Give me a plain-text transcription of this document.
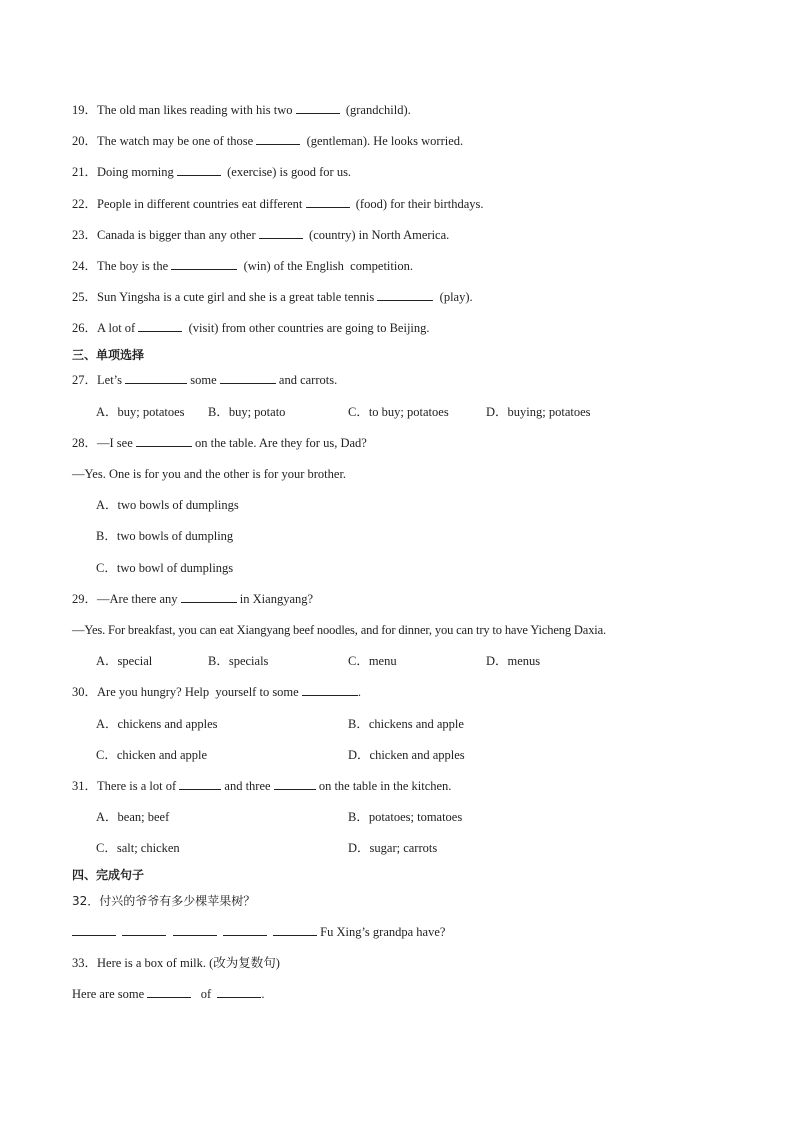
19．The old man likes reading with his two	(grandchild).
20．The watch may be one of those	(gentleman). He looks worried.
21．Doing morning	(exercise) is good for us.
22．People in different countries eat different	(food) for their birthdays.
23．Canada is bigger than any other	(country) in North America.
24．The boy is the	(win) of the English  competition.
25．Sun Yingsha is a cute girl and she is a great table tennis	(play).
26．A lot of	(visit) from other countries are going to Beijing.
三、单项选择
27．Let’s	some	and carrots.
A．buy; potatoes B．buy; potato	C．to buy; potatoes	D．buying; potatoes
28．—I see	on the table. Are they for us, Dad?
—Yes. One is for you and the other is for your brother.
A．two bowls of dumplings
B．two bowls of dumpling
C．two bowl of dumplings
29．—Are there any	in Xiangyang?
—Yes. For breakfast, you can eat Xiangyang beef noodles, and for dinner, you can try to have Yicheng Daxia.
A．special	B．specials	C．menu	D．menus
30．Are you hungry? Help  yourself to some	.
A．chickens and apples	B．chickens and apple
C．chicken and apple	D．chicken and apples
31．There is a lot of	and three	on the table in the kitchen.
A．bean; beef	B．potatoes; tomatoes
C．salt; chicken	D．sugar; carrots
四、完成句子
32．付兴的爷爷有多少棵苹果树？
Fu Xing’s grandpa have?
33．Here is a box of milk. (改为复数句)
Here are some	of	.
